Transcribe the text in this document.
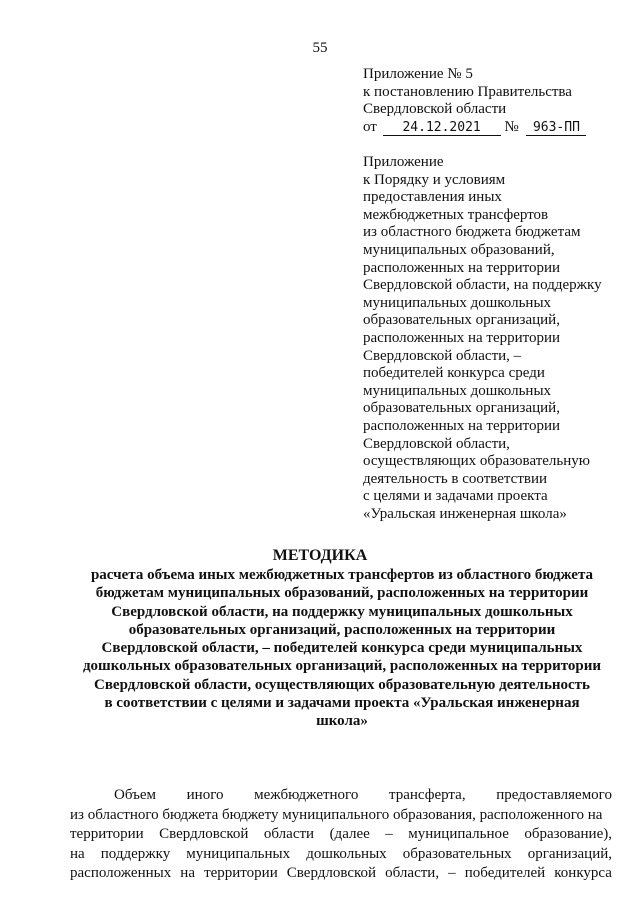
55
Приложение № 5
к постановлению Правительства
Свердловской области
от 24.12.2021 № 963-ПП
Приложение
к Порядку и условиям
предоставления иных
межбюджетных трансфертов
из областного бюджета бюджетам
муниципальных образований,
расположенных на территории
Свердловской области, на поддержку
муниципальных дошкольных
образовательных организаций,
расположенных на территории
Свердловской области, –
победителей конкурса среди
муниципальных дошкольных
образовательных организаций,
расположенных на территории
Свердловской области,
осуществляющих образовательную
деятельность в соответствии
с целями и задачами проекта
«Уральская инженерная школа»
МЕТОДИКА
расчета объема иных межбюджетных трансфертов из областного бюджета
бюджетам муниципальных образований, расположенных на территории
Свердловской области, на поддержку муниципальных дошкольных
образовательных организаций, расположенных на территории
Свердловской области, – победителей конкурса среди муниципальных
дошкольных образовательных организаций, расположенных на территории
Свердловской области, осуществляющих образовательную деятельность
в соответствии с целями и задачами проекта «Уральская инженерная
школа»
Объем иного межбюджетного трансферта, предоставляемого
из областного бюджета бюджету муниципального образования, расположенного на
территории Свердловской области (далее – муниципальное образование),
на поддержку муниципальных дошкольных образовательных организаций,
расположенных на территории Свердловской области, – победителей конкурса
